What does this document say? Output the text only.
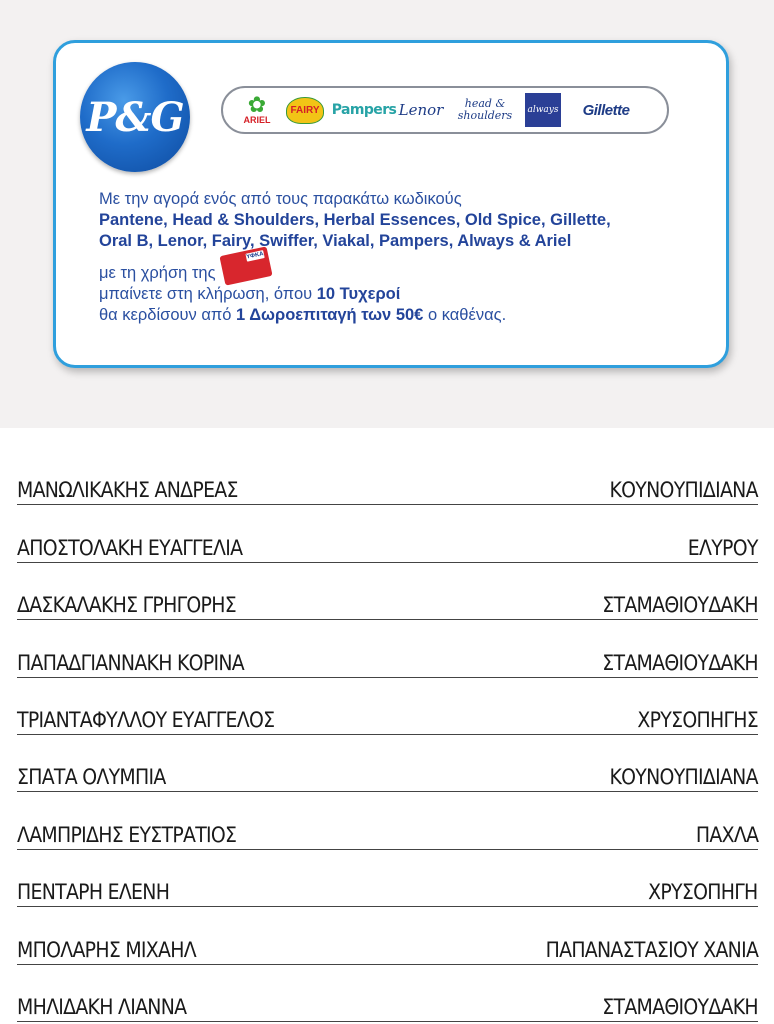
P&G	✿
ARIEL
FAIRY Pampers Lenor head &
shoulders always Gillette
Με την αγορά ενός από τους παρακάτω κωδικούς
Pantene, Head & Shoulders, Herbal Essences, Old Spice, Gillette,
Oral B, Lenor, Fairy, Swiffer, Viakal, Pampers, Always & Ariel
με τη χρήση της
ΥΦΚΑ
μπαίνετε στη κλήρωση, όπου 10 Τυχεροί
θα κερδίσουν από 1 Δωροεπιταγή των 50€ ο καθένας.
ΜΑΝΩΛΙΚΑΚΗΣ ΑΝΔΡΕΑΣ	ΚΟΥΝΟΥΠΙΔΙΑΝΑ
ΑΠΟΣΤΟΛΑΚΗ ΕΥΑΓΓΕΛΙΑ	ΕΛΥΡΟΥ
ΔΑΣΚΑΛΑΚΗΣ ΓΡΗΓΟΡΗΣ	ΣΤΑΜΑΘΙΟΥΔΑΚΗ
ΠΑΠΑΔΓΙΑΝΝΑΚΗ ΚΟΡΙΝΑ	ΣΤΑΜΑΘΙΟΥΔΑΚΗ
ΤΡΙΑΝΤΑΦΥΛΛΟΥ ΕΥΑΓΓΕΛΟΣ	ΧΡΥΣΟΠΗΓΗΣ
ΣΠΑΤΑ ΟΛΥΜΠΙΑ	ΚΟΥΝΟΥΠΙΔΙΑΝΑ
ΛΑΜΠΡΙΔΗΣ ΕΥΣΤΡΑΤΙΟΣ	ΠΑΧΛΑ
ΠΕΝΤΑΡΗ ΕΛΕΝΗ	ΧΡΥΣΟΠΗΓΗ
ΜΠΟΛΑΡΗΣ ΜΙΧΑΗΛ	ΠΑΠΑΝΑΣΤΑΣΙΟΥ ΧΑΝΙΑ
ΜΗΛΙΔΑΚΗ ΛΙΑΝΝΑ	ΣΤΑΜΑΘΙΟΥΔΑΚΗ
